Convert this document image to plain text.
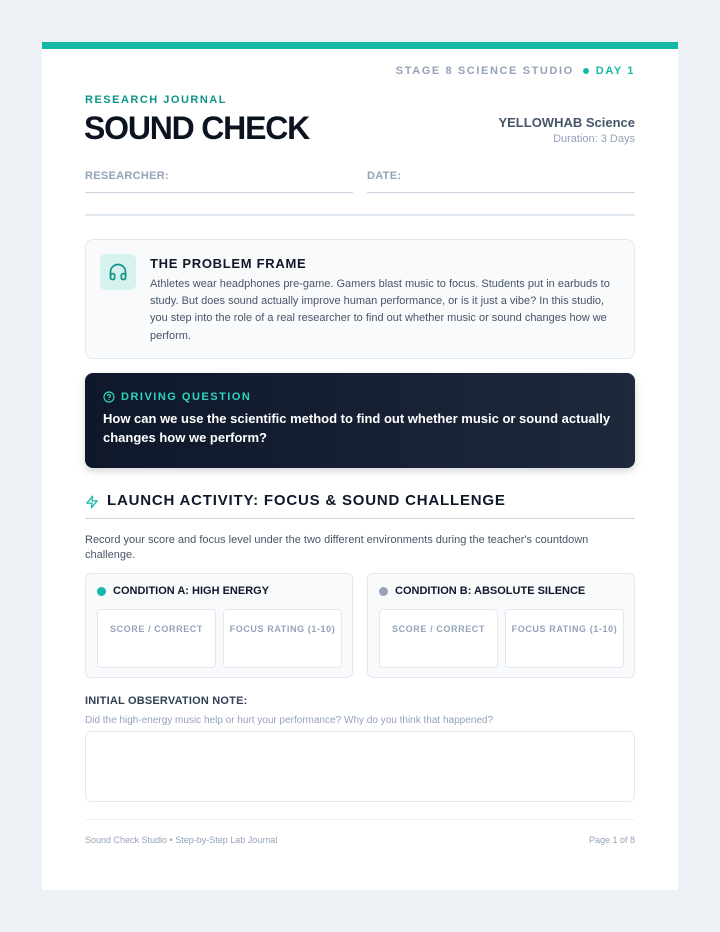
STAGE 8 SCIENCE STUDIO DAY 1
RESEARCH JOURNAL
SOUND CHECK	YELLOWHAB Science
Duration: 3 Days
RESEARCHER:	DATE:
THE PROBLEM FRAME
Athletes wear headphones pre-game. Gamers blast music to focus. Students put in earbuds to study. But does sound actually improve human performance, or is it just a vibe? In this studio, you step into the role of a real researcher to find out whether music or sound changes how we perform.
DRIVING QUESTION
How can we use the scientific method to find out whether music or sound actually changes how we perform?
LAUNCH ACTIVITY: FOCUS & SOUND CHALLENGE
Record your score and focus level under the two different environments during the teacher's countdown challenge.
CONDITION A: HIGH ENERGY
SCORE / CORRECT	FOCUS RATING (1-10)
CONDITION B: ABSOLUTE SILENCE
SCORE / CORRECT	FOCUS RATING (1-10)
INITIAL OBSERVATION NOTE:
Did the high-energy music help or hurt your performance? Why do you think that happened?
Sound Check Studio • Step-by-Step Lab Journal	Page 1 of 8
